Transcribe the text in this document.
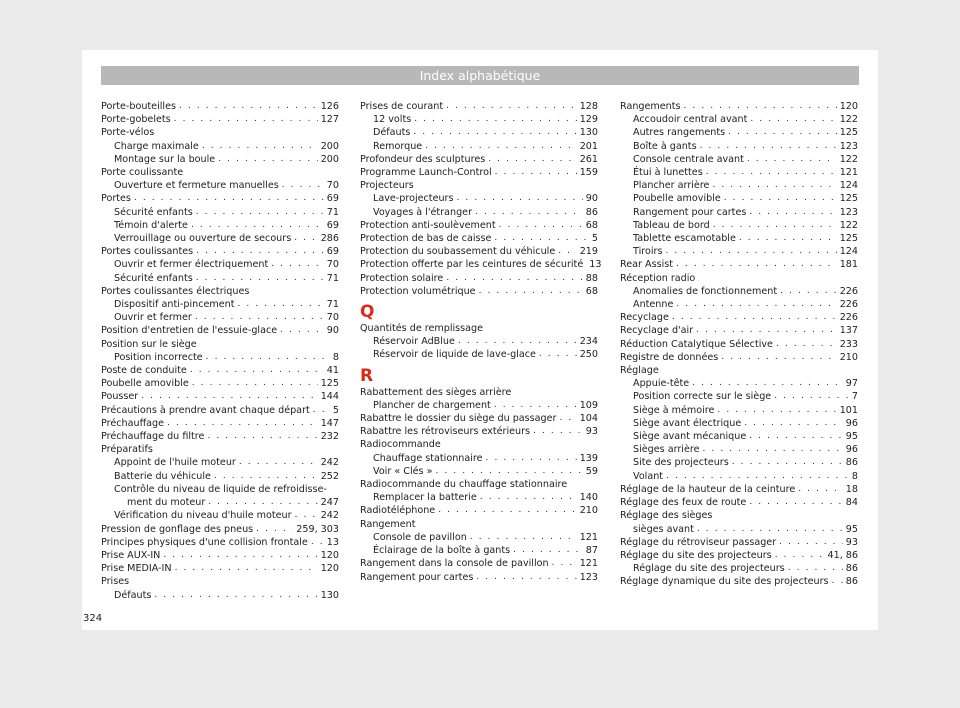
Index alphabétique
Porte-bouteilles . . .	126
Porte-gobelets . . .	127
Porte-vélos
Charge maximale . . .	200
Montage sur la boule . . .	200
Porte coulissante
Ouverture et fermeture manuelles . . .	70
Portes . . .	69
Sécurité enfants . . .	71
Témoin d'alerte . . .	69
Verrouillage ou ouverture de secours . . .	286
Portes coulissantes . . .	69
Ouvrir et fermer électriquement . . .	70
Sécurité enfants . . .	71
Portes coulissantes électriques
Dispositif anti-pincement . . .	71
Ouvrir et fermer . . .	70
Position d'entretien de l'essuie-glace . . .	90
Position sur le siège
Position incorrecte . . .	8
Poste de conduite . . .	41
Poubelle amovible . . .	125
Pousser . . .	144
Précautions à prendre avant chaque départ . . . 5
Préchauffage . . .	147
Préchauffage du filtre . . .	232
Préparatifs
Appoint de l'huile moteur . . .	242
Batterie du véhicule . . .	252
Contrôle du niveau de liquide de refroidisse-
ment du moteur . . .	247
Vérification du niveau d'huile moteur . . .	242
Pression de gonflage des pneus . . .	259, 303
Principes physiques d'une collision frontale . . . 13
Prise AUX-IN . . .	120
Prise MEDIA-IN . . .	120
Prises
Défauts . . .	130
Prises de courant . . .	128
12 volts . . .	129
Défauts . . .	130
Remorque . . .	201
Profondeur des sculptures . . .	261
Programme Launch-Control . . .	159
Projecteurs
Lave-projecteurs . . .	90
Voyages à l'étranger . . .	86
Protection anti-soulèvement . . .	68
Protection de bas de caisse . . .	5
Protection du soubassement du véhicule . . .	219
Protection offerte par les ceintures de sécurité 13
Protection solaire . . .	88
Protection volumétrique . . .	68
Q
Quantités de remplissage
Réservoir AdBlue . . .	234
Réservoir de liquide de lave-glace . . .	250
R
Rabattement des sièges arrière
Plancher de chargement . . .	109
Rabattre le dossier du siège du passager . . . 104
Rabattre les rétroviseurs extérieurs . . .	93
Radiocommande
Chauffage stationnaire . . .	139
Voir « Clés » . . .	59
Radiocommande du chauffage stationnaire
Remplacer la batterie . . .	140
Radiotéléphone . . .	210
Rangement
Console de pavillon . . .	121
Éclairage de la boîte à gants . . .	87
Rangement dans la console de pavillon . . .	121
Rangement pour cartes . . .	123
Rangements . . .	120
Accoudoir central avant . . .	122
Autres rangements . . .	125
Boîte à gants . . .	123
Console centrale avant . . .	122
Étui à lunettes . . .	121
Plancher arrière . . .	124
Poubelle amovible . . .	125
Rangement pour cartes . . .	123
Tableau de bord . . .	122
Tablette escamotable . . .	125
Tiroirs . . .	124
Rear Assist . . .	181
Réception radio
Anomalies de fonctionnement . . .	226
Antenne . . .	226
Recyclage . . .	226
Recyclage d'air . . .	137
Réduction Catalytique Sélective . . .	233
Registre de données . . .	210
Réglage
Appuie-tête . . .	97
Position correcte sur le siège . . .	7
Siège à mémoire . . .	101
Siège avant électrique . . .	96
Siège avant mécanique . . .	95
Sièges arrière . . .	96
Site des projecteurs . . .	86
Volant . . .	8
Réglage de la hauteur de la ceinture . . .	18
Réglage des feux de route . . .	84
Réglage des sièges
sièges avant . . .	95
Réglage du rétroviseur passager . . .	93
Réglage du site des projecteurs . . .	41, 86
Réglage du site des projecteurs . . .	86
Réglage dynamique du site des projecteurs . . . 86
324
